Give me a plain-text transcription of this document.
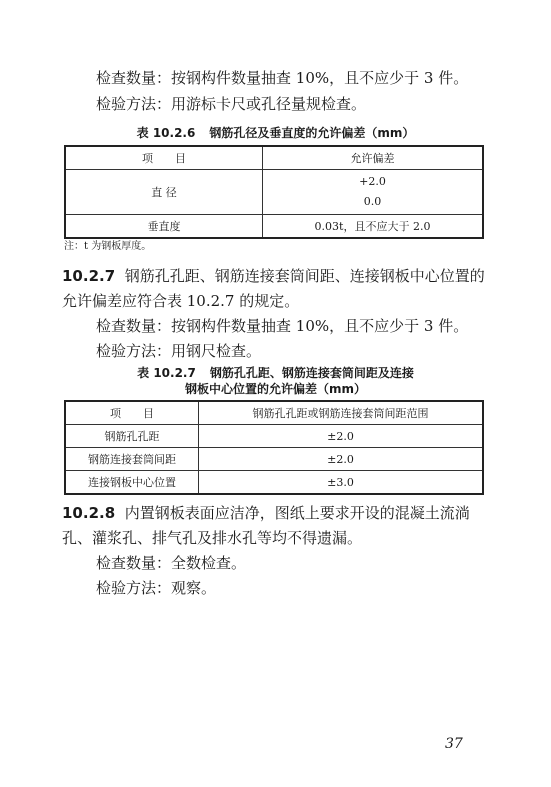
检查数量：按钢构件数量抽查 10%，且不应少于 3 件。
检验方法：用游标卡尺或孔径量规检查。
表 10.2.6 钢筋孔径及垂直度的允许偏差（mm）
项　　目	允许偏差
直 径	+2.0
0.0

垂直度	0.03t，且不应大于 2.0
注：t 为钢板厚度。
10.2.7 钢筋孔孔距、钢筋连接套筒间距、连接钢板中心位置的
允许偏差应符合表 10.2.7 的规定。
检查数量：按钢构件数量抽查 10%，且不应少于 3 件。
检验方法：用钢尺检查。
表 10.2.7 钢筋孔孔距、钢筋连接套筒间距及连接
钢板中心位置的允许偏差（mm）
项　　目	钢筋孔孔距或钢筋连接套筒间距范围
钢筋孔孔距	±2.0
钢筋连接套筒间距	±2.0
连接钢板中心位置	±3.0
10.2.8 内置钢板表面应洁净，图纸上要求开设的混凝土流淌
孔、灌浆孔、排气孔及排水孔等均不得遗漏。
检查数量：全数检查。
检验方法：观察。
37
